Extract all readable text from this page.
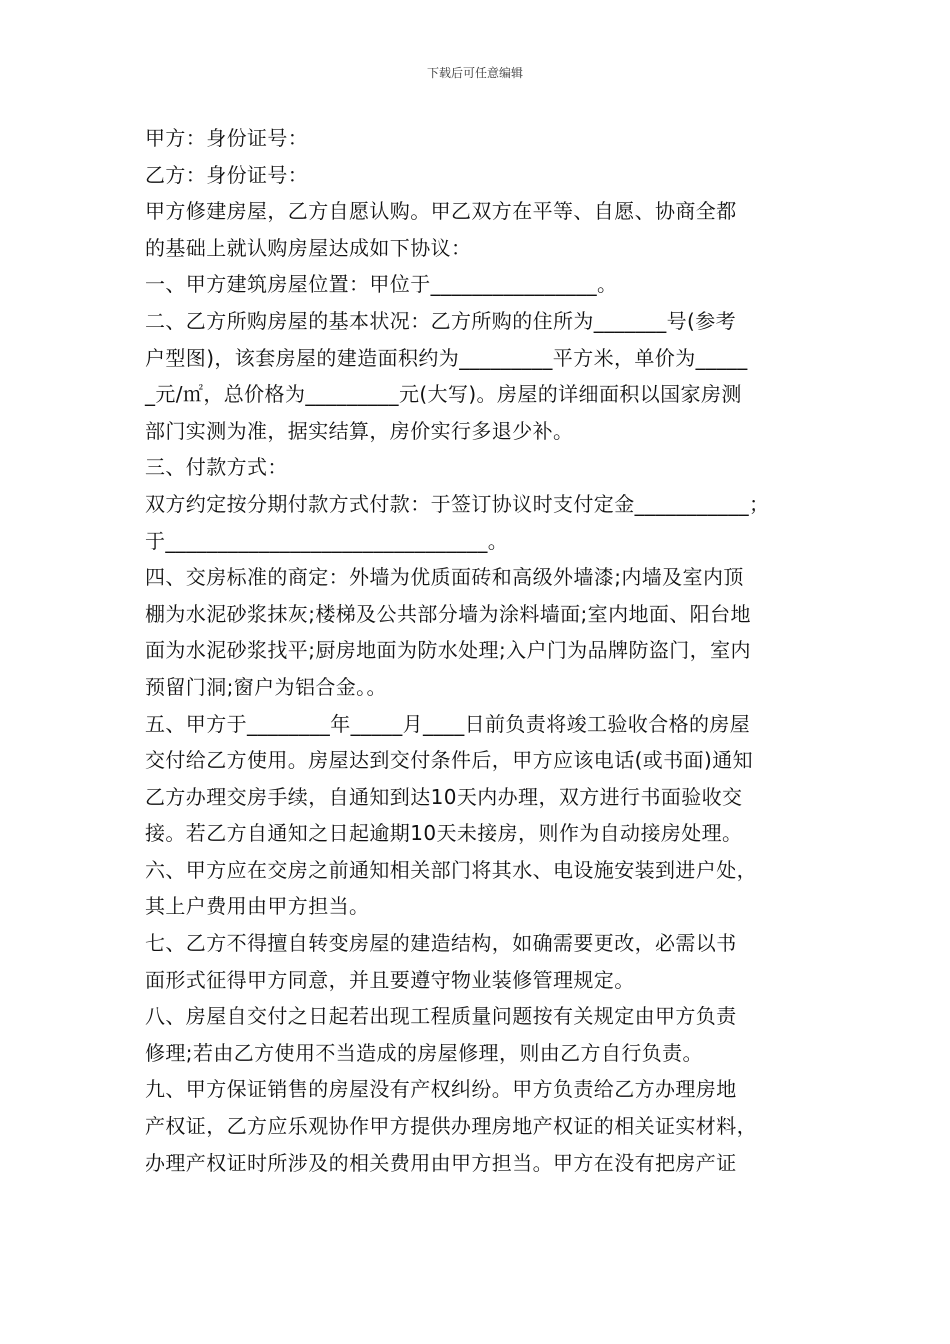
下载后可任意编辑
甲方：身份证号：
乙方：身份证号：
甲方修建房屋，乙方自愿认购。甲乙双方在平等、自愿、协商全都
的基础上就认购房屋达成如下协议：
一、甲方建筑房屋位置：甲位于________________。
二、乙方所购房屋的基本状况：乙方所购的住所为_______号(参考
户型图)，该套房屋的建造面积约为_________平方米，单价为_____
_元/㎡，总价格为_________元(大写)。房屋的详细面积以国家房测
部门实测为准，据实结算，房价实行多退少补。
三、付款方式：
双方约定按分期付款方式付款：于签订协议时支付定金___________；
于_______________________________。
四、交房标准的商定：外墙为优质面砖和高级外墙漆;内墙及室内顶
棚为水泥砂浆抹灰;楼梯及公共部分墙为涂料墙面;室内地面、阳台地
面为水泥砂浆找平;厨房地面为防水处理;入户门为品牌防盗门，室内
预留门洞;窗户为铝合金。。
五、甲方于________年_____月____日前负责将竣工验收合格的房屋
交付给乙方使用。房屋达到交付条件后，甲方应该电话(或书面)通知
乙方办理交房手续，自通知到达10天内办理，双方进行书面验收交
接。若乙方自通知之日起逾期10天未接房，则作为自动接房处理。
六、甲方应在交房之前通知相关部门将其水、电设施安装到进户处，
其上户费用由甲方担当。
七、乙方不得擅自转变房屋的建造结构，如确需要更改，必需以书
面形式征得甲方同意，并且要遵守物业装修管理规定。
八、房屋自交付之日起若出现工程质量问题按有关规定由甲方负责
修理;若由乙方使用不当造成的房屋修理，则由乙方自行负责。
九、甲方保证销售的房屋没有产权纠纷。甲方负责给乙方办理房地
产权证，乙方应乐观协作甲方提供办理房地产权证的相关证实材料，
办理产权证时所涉及的相关费用由甲方担当。甲方在没有把房产证
